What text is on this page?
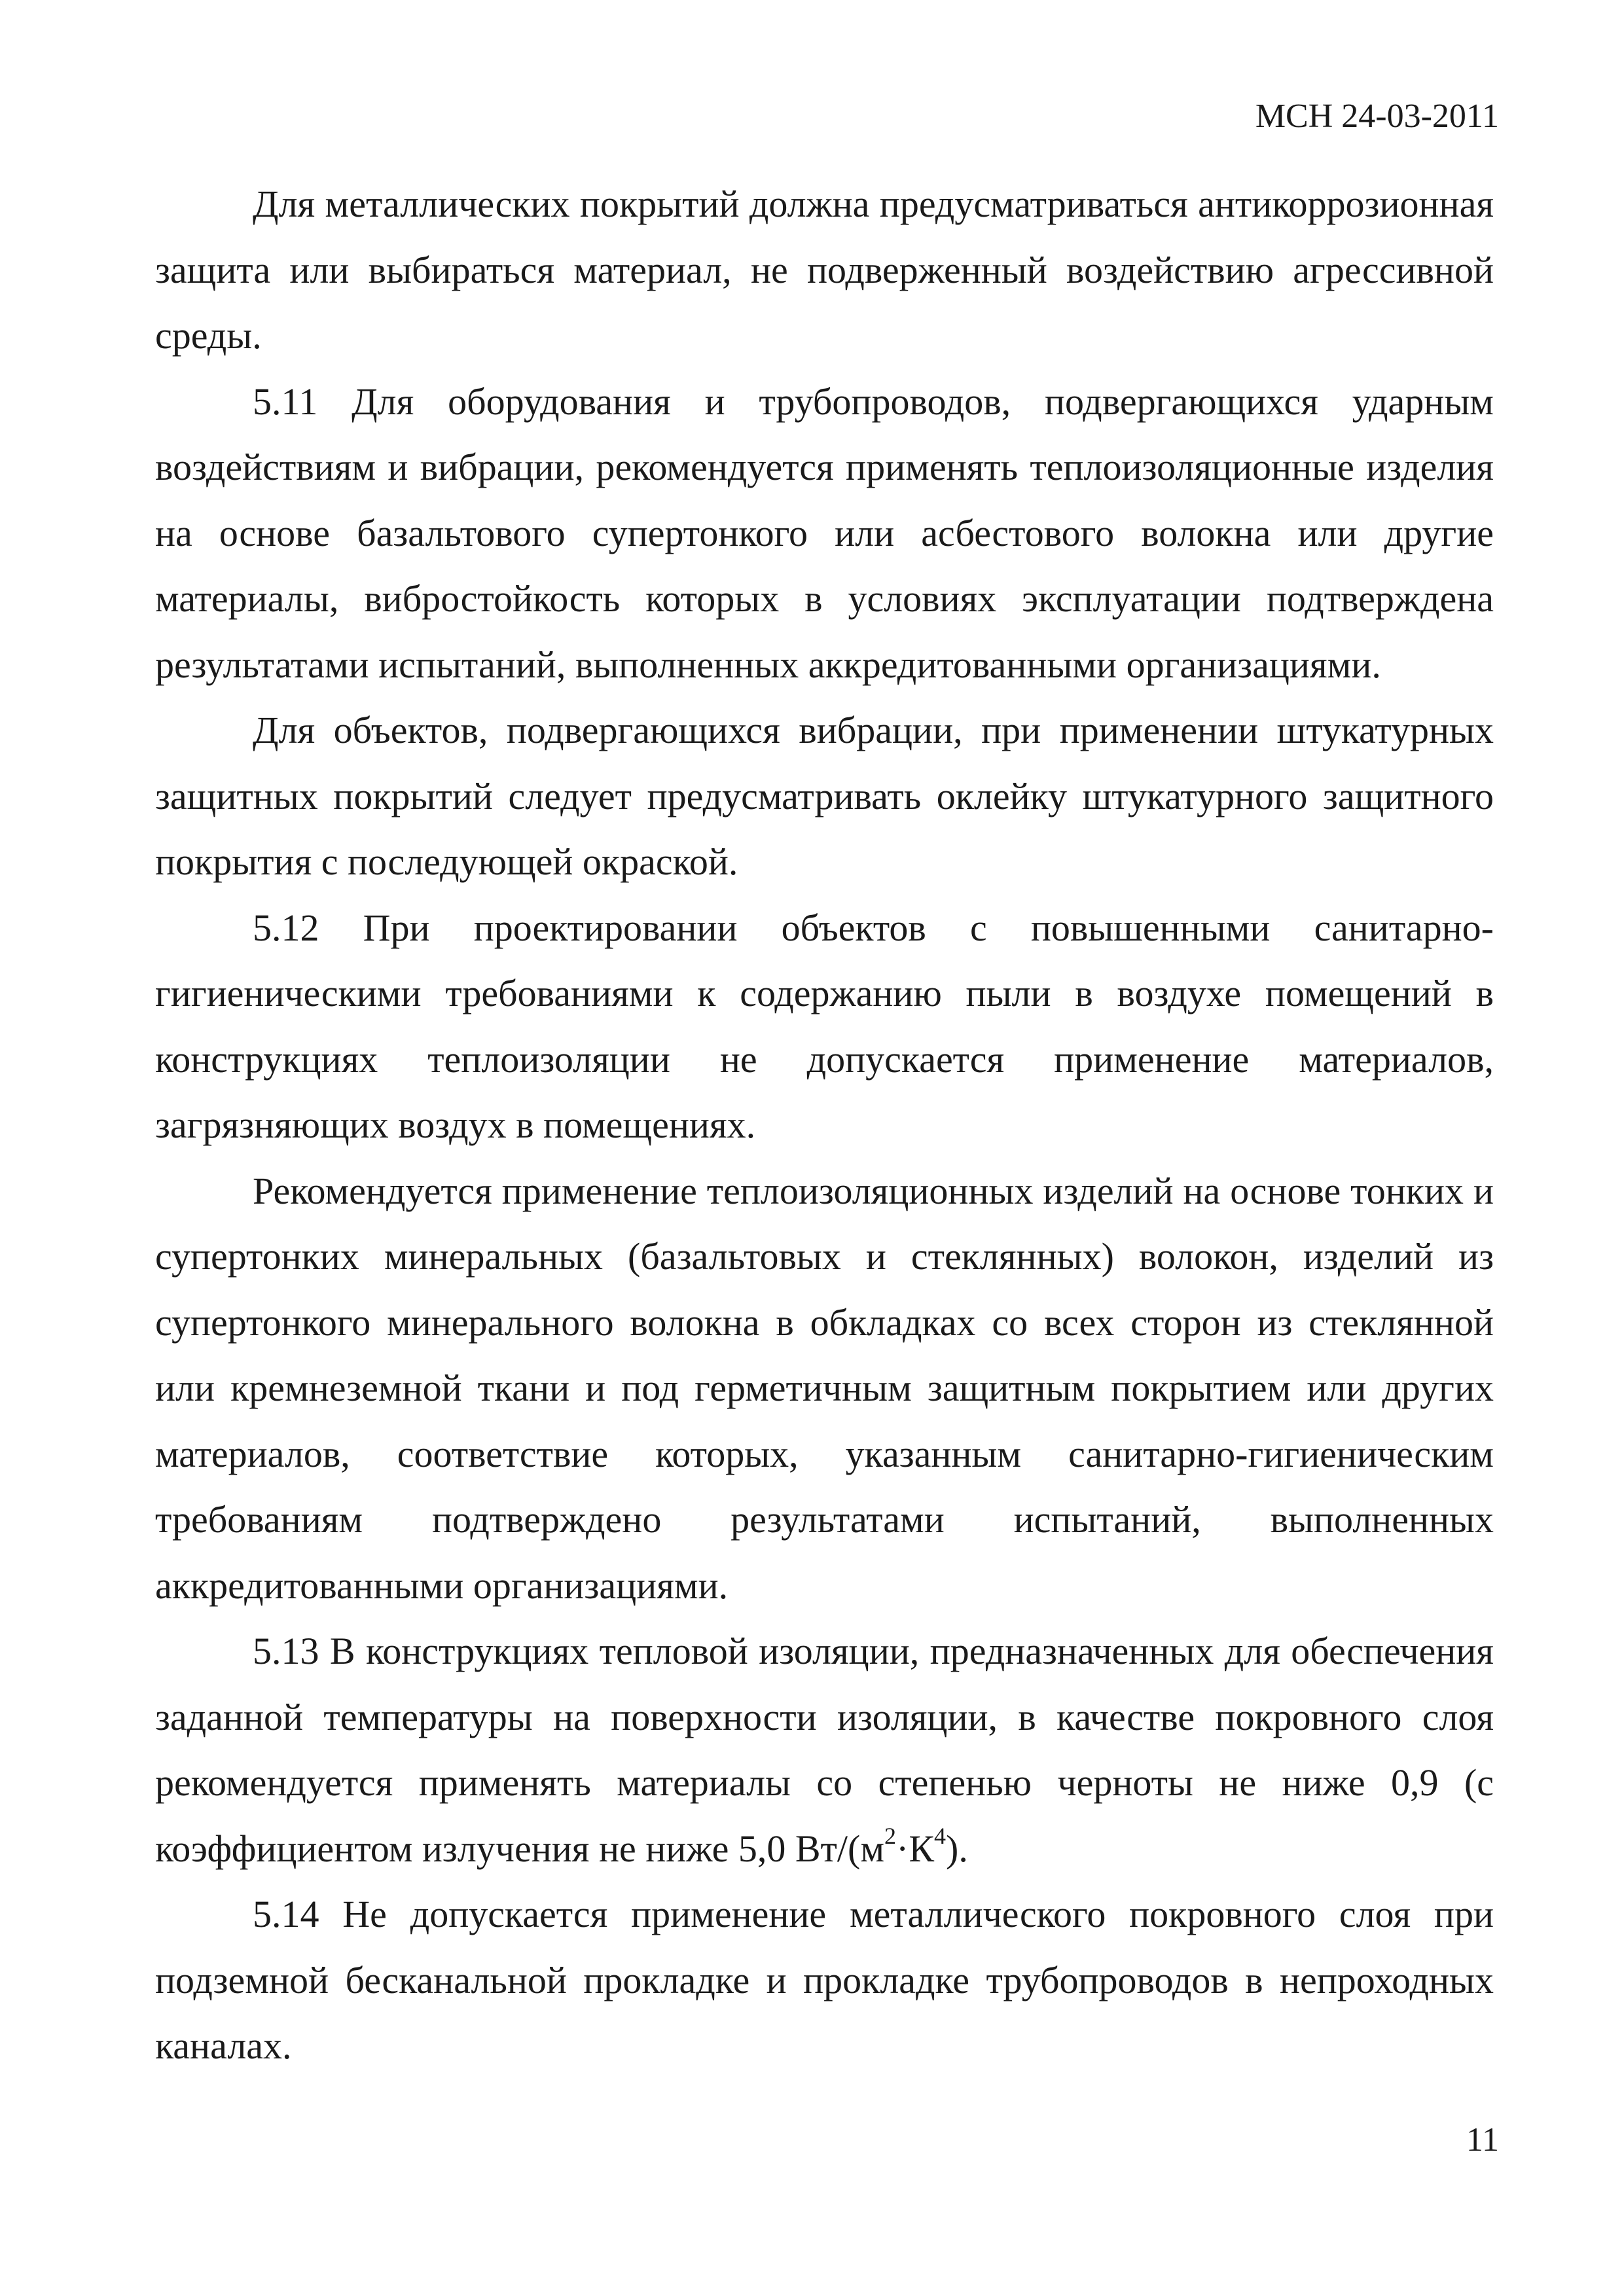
МСН 24-03-2011

Для металлических покрытий должна предусматриваться антикоррозионная защита или выбираться материал, не подверженный воздействию агрессивной среды.

5.11 Для оборудования и трубопроводов, подвергающихся ударным воздействиям и вибрации, рекомендуется применять теплоизоляционные изделия на основе базальтового супертонкого или асбестового волокна или другие материалы, вибростойкость которых в условиях эксплуатации подтверждена результатами испытаний, выполненных аккредитованными организациями.

Для объектов, подвергающихся вибрации, при применении штукатурных защитных покрытий следует предусматривать оклейку штукатурного защитного покрытия с последующей окраской.

5.12 При проектировании объектов с повышенными санитарно-гигиеническими требованиями к содержанию пыли в воздухе помещений в конструкциях теплоизоляции не допускается применение материалов, загрязняющих воздух в помещениях.

Рекомендуется применение теплоизоляционных изделий на основе тонких и супертонких минеральных (базальтовых и стеклянных) волокон, изделий из супертонкого минерального волокна в обкладках со всех сторон из стеклянной или кремнеземной ткани и под герметичным защитным покрытием или других материалов, соответствие которых, указанным санитарно-гигиеническим требованиям подтверждено результатами испытаний, выполненных аккредитованными организациями.

5.13 В конструкциях тепловой изоляции, предназначенных для обеспечения заданной температуры на поверхности изоляции, в качестве покровного слоя рекомендуется применять материалы со степенью черноты не ниже 0,9 (с коэффициентом излучения не ниже 5,0 $Вт/(м^2\cdot К^4)$.

5.14 Не допускается применение металлического покровного слоя при подземной бесканальной прокладке и прокладке трубопроводов в непроходных каналах.

11
